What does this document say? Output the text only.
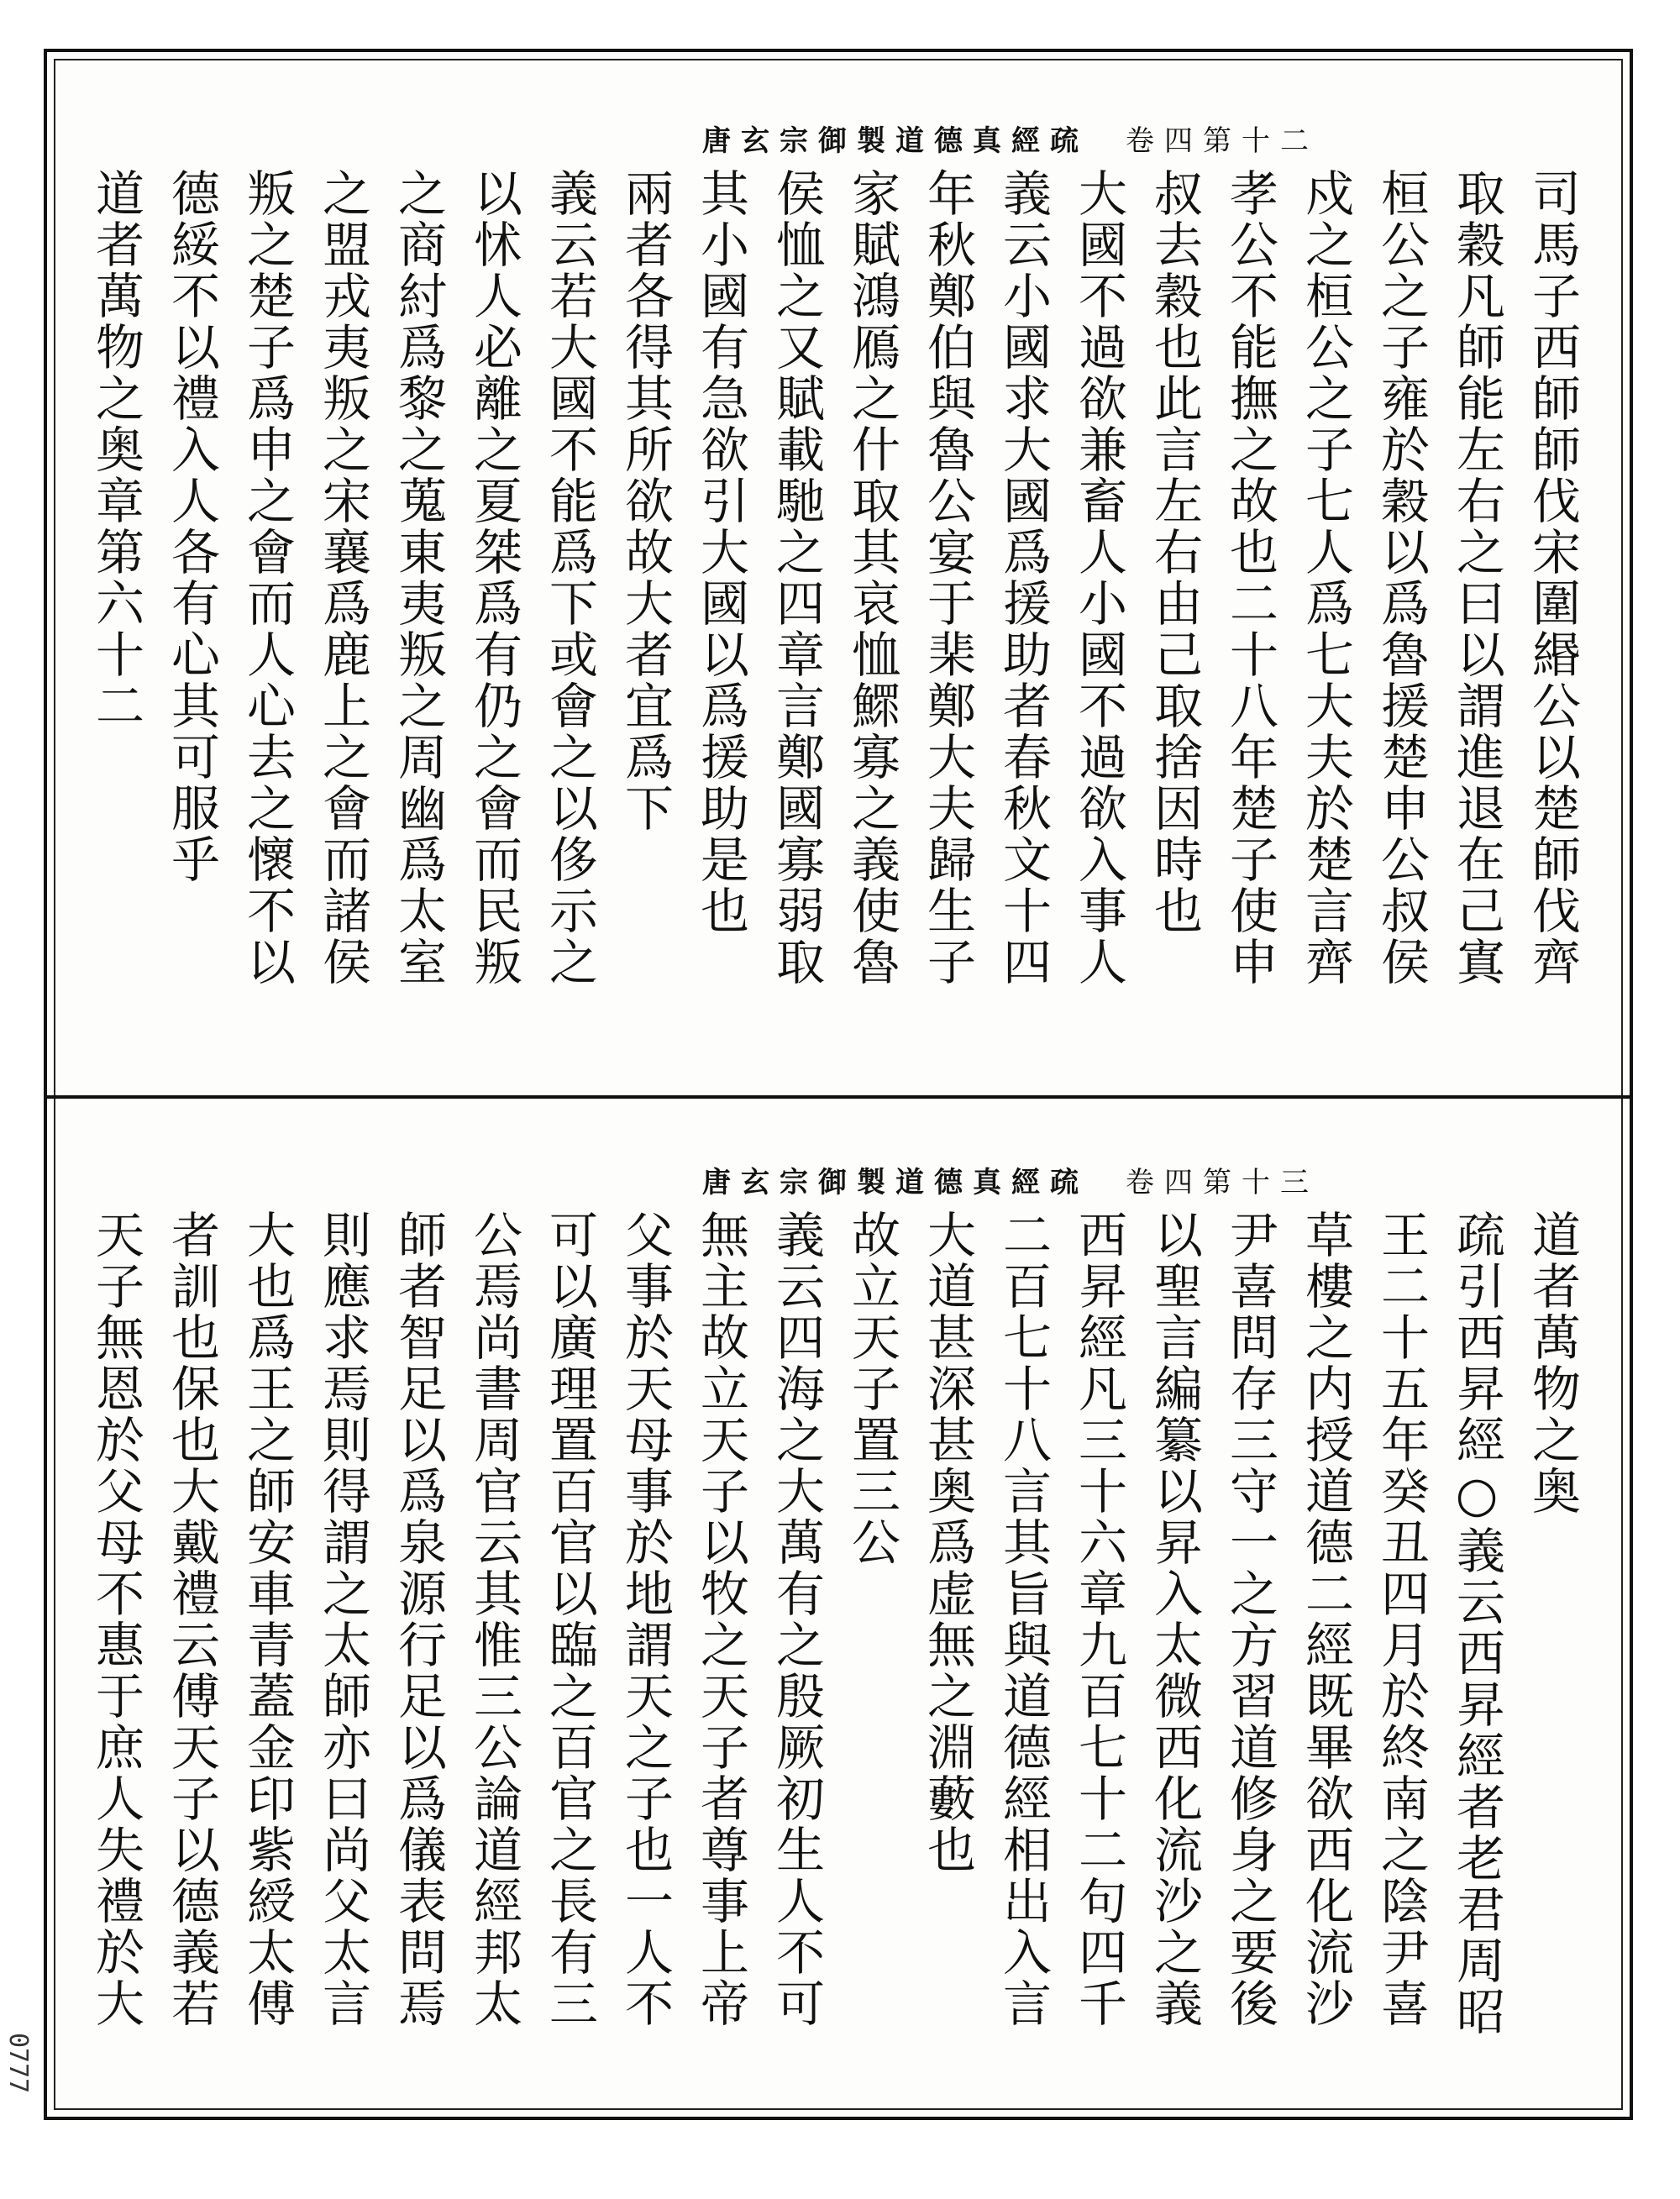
唐玄宗御製道德真經疏 卷四第十二
司馬子西師師伐宋圍緡公以楚師伐齊
取穀凡師能左右之曰以謂進退在己寘
桓公之子雍於穀以爲魯援楚申公叔侯
戍之桓公之子七人爲七大夫於楚言齊
孝公不能撫之故也二十八年楚子使申
叔去穀也此言左右由己取捨因時也
大國不過欲兼畜人小國不過欲入事人
義云小國求大國爲援助者春秋文十四
年秋鄭伯與魯公宴于棐鄭大夫歸生子
家賦鴻鴈之什取其哀恤鰥寡之義使魯
侯恤之又賦載馳之四章言鄭國寡弱取
其小國有急欲引大國以爲援助是也
兩者各得其所欲故大者宜爲下
義云若大國不能爲下或會之以侈示之
以怵人必離之夏桀爲有仍之會而民叛
之商紂爲黎之蒐東夷叛之周幽爲太室
之盟戎夷叛之宋襄爲鹿上之會而諸侯
叛之楚子爲申之會而人心去之懷不以
德綏不以禮入人各有心其可服乎
道者萬物之奥章第六十二
唐玄宗御製道德真經疏 卷四第十三
道者萬物之奥
疏引西昇經○義云西昇經者老君周昭
王二十五年癸丑四月於終南之陰尹喜
草樓之内授道德二經既畢欲西化流沙
尹喜問存三守一之方習道修身之要後
以聖言編纂以昇入太微西化流沙之義
西昇經凡三十六章九百七十二句四千
二百七十八言其旨與道德經相出入言
大道甚深甚奥爲虚無之淵藪也
故立天子置三公
義云四海之大萬有之殷厥初生人不可
無主故立天子以牧之天子者尊事上帝
父事於天母事於地謂天之子也一人不
可以廣理置百官以臨之百官之長有三
公焉尚書周官云其惟三公論道經邦太
師者智足以爲泉源行足以爲儀表問焉
則應求焉則得謂之太師亦曰尚父太言
大也爲王之師安車青蓋金印紫綬太傅
者訓也保也大戴禮云傅天子以德義若
天子無恩於父母不惠于庶人失禮於大
0777
